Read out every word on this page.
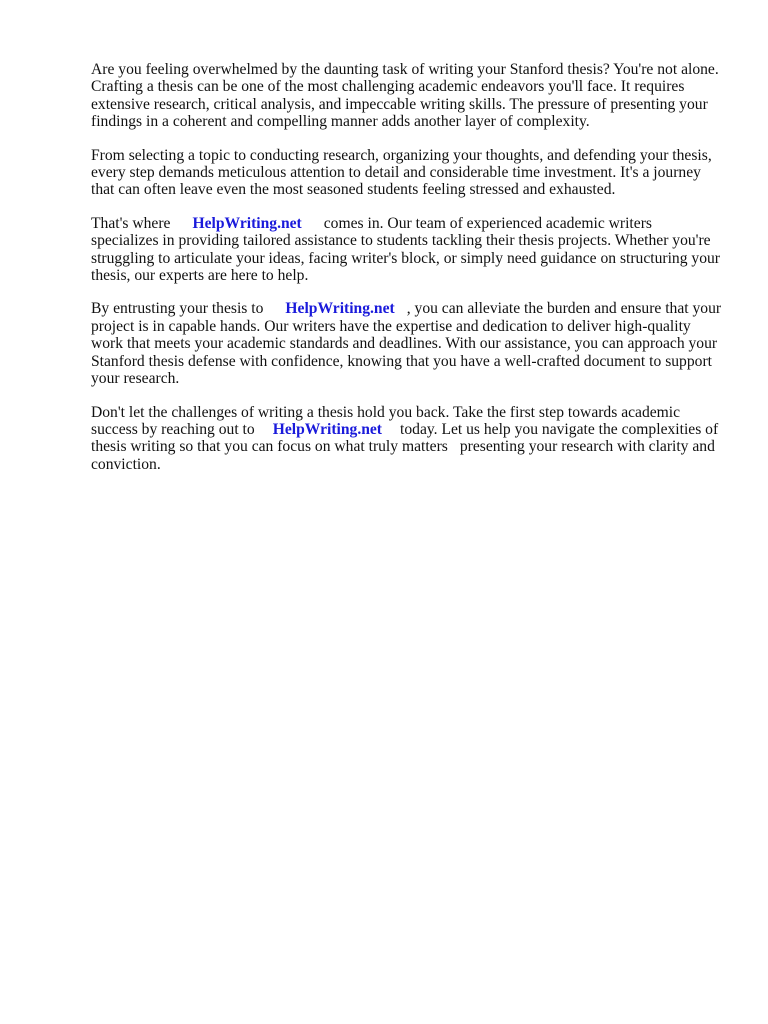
Are you feeling overwhelmed by the daunting task of writing your Stanford thesis? You're not alone. Crafting a thesis can be one of the most challenging academic endeavors you'll face. It requires extensive research, critical analysis, and impeccable writing skills. The pressure of presenting your findings in a coherent and compelling manner adds another layer of complexity.

From selecting a topic to conducting research, organizing your thoughts, and defending your thesis, every step demands meticulous attention to detail and considerable time investment. It's a journey that can often leave even the most seasoned students feeling stressed and exhausted.

That's where HelpWriting.net comes in. Our team of experienced academic writers specializes in providing tailored assistance to students tackling their thesis projects. Whether you're struggling to articulate your ideas, facing writer's block, or simply need guidance on structuring your thesis, our experts are here to help.

By entrusting your thesis to HelpWriting.net , you can alleviate the burden and ensure that your project is in capable hands. Our writers have the expertise and dedication to deliver high-quality work that meets your academic standards and deadlines. With our assistance, you can approach your Stanford thesis defense with confidence, knowing that you have a well-crafted document to support your research.

Don't let the challenges of writing a thesis hold you back. Take the first step towards academic success by reaching out to HelpWriting.net today. Let us help you navigate the complexities of thesis writing so that you can focus on what truly matters presenting your research with clarity and conviction.
